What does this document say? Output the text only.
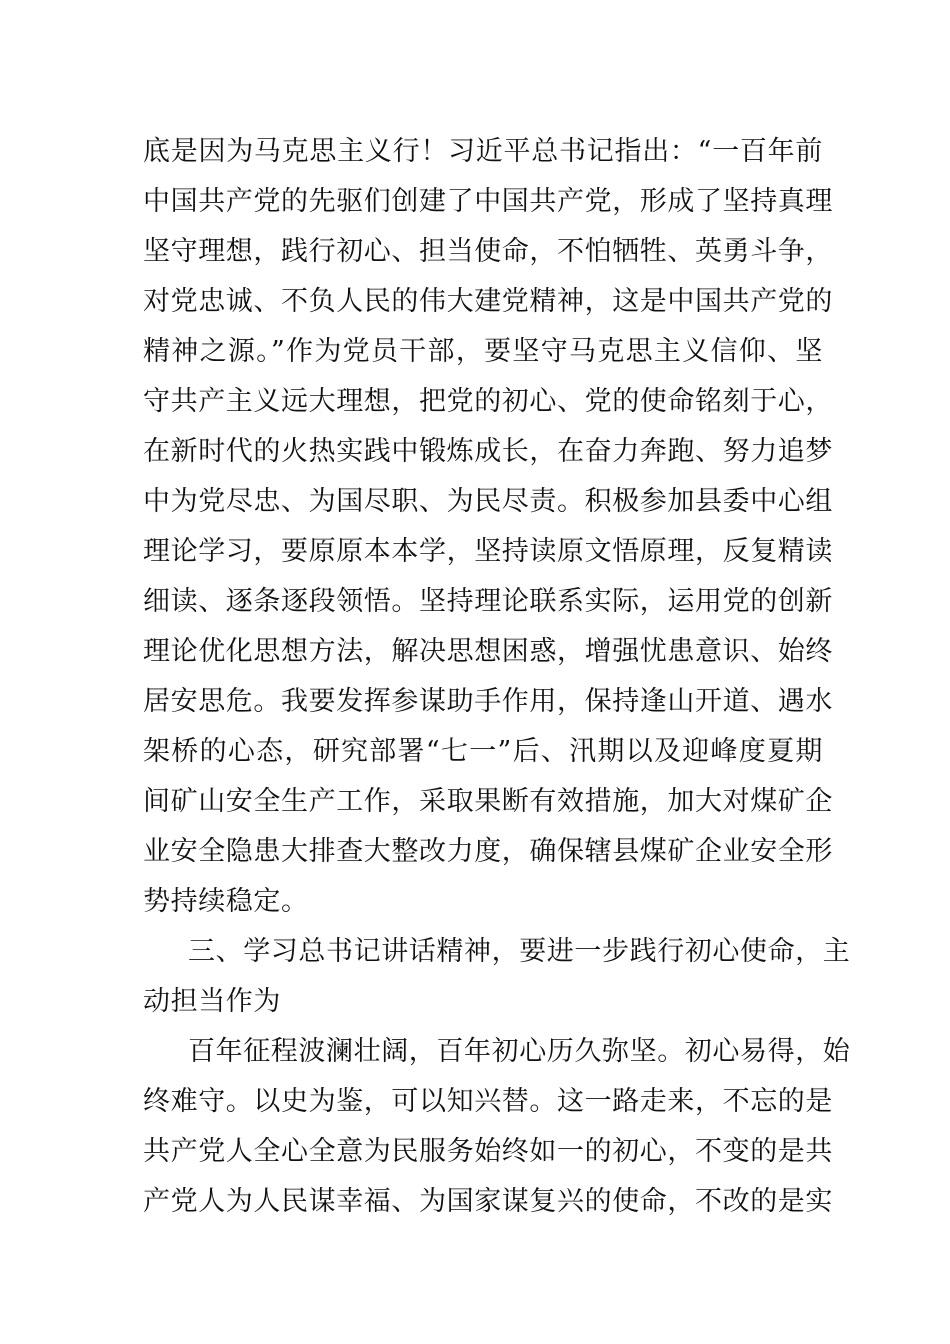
底是因为马克思主义行！习近平总书记指出：“一百年前
中国共产党的先驱们创建了中国共产党，形成了坚持真理
坚守理想，践行初心、担当使命，不怕牺牲、英勇斗争，
对党忠诚、不负人民的伟大建党精神，这是中国共产党的
精神之源。”作为党员干部，要坚守马克思主义信仰、坚
守共产主义远大理想，把党的初心、党的使命铭刻于心，
在新时代的火热实践中锻炼成长，在奋力奔跑、努力追梦
中为党尽忠、为国尽职、为民尽责。积极参加县委中心组
理论学习，要原原本本学，坚持读原文悟原理，反复精读
细读、逐条逐段领悟。坚持理论联系实际，运用党的创新
理论优化思想方法，解决思想困惑，增强忧患意识、始终
居安思危。我要发挥参谋助手作用，保持逢山开道、遇水
架桥的心态，研究部署“七一”后、汛期以及迎峰度夏期
间矿山安全生产工作，采取果断有效措施，加大对煤矿企
业安全隐患大排查大整改力度，确保辖县煤矿企业安全形
势持续稳定。
三、学习总书记讲话精神，要进一步践行初心使命，主
动担当作为
百年征程波澜壮阔，百年初心历久弥坚。初心易得，始
终难守。以史为鉴，可以知兴替。这一路走来，不忘的是
共产党人全心全意为民服务始终如一的初心，不变的是共
产党人为人民谋幸福、为国家谋复兴的使命，不改的是实
